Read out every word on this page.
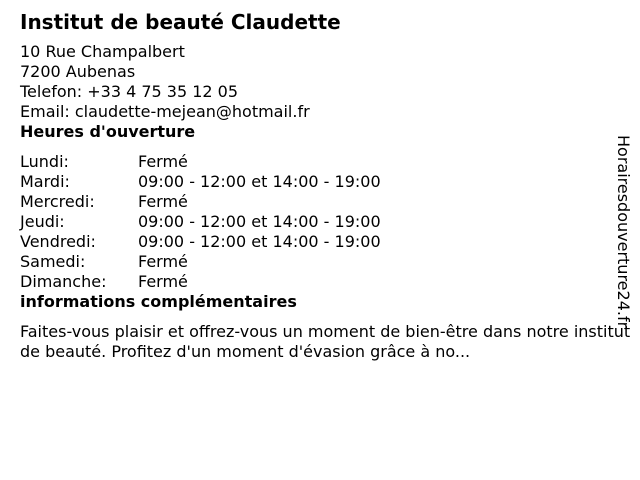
Institut de beauté Claudette
10 Rue Champalbert
7200 Aubenas
Telefon: +33 4 75 35 12 05
Email: claudette-mejean@hotmail.fr
Heures d'ouverture
Lundi:	Fermé
Mardi:	09:00 - 12:00 et 14:00 - 19:00
Mercredi:	Fermé
Jeudi:	09:00 - 12:00 et 14:00 - 19:00
Vendredi:	09:00 - 12:00 et 14:00 - 19:00
Samedi:	Fermé
Dimanche:	Fermé
informations complémentaires
Faites-vous plaisir et offrez-vous un moment de bien-être dans notre institut de beauté. Profitez d'un moment d'évasion grâce à no...
Horairesdouverture24.fr
